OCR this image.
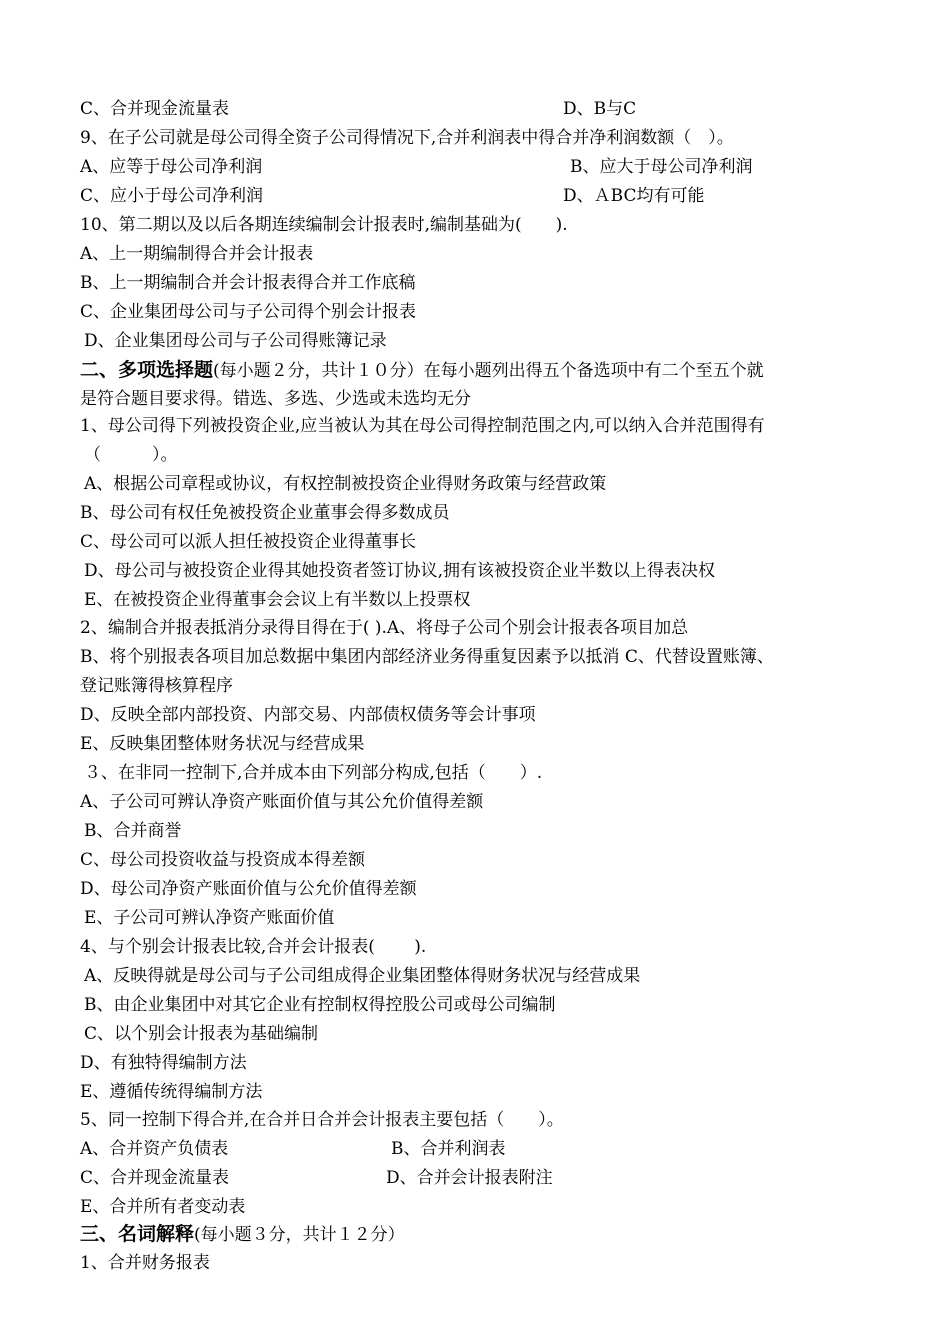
C、合并现金流量表	D、B与C
9、在子公司就是母公司得全资子公司得情况下,合并利润表中得合并净利润数额（　）。
A、应等于母公司净利润	B、应大于母公司净利润
C、应小于母公司净利润	D、ＡBC均有可能
10、第二期以及以后各期连续编制会计报表时,编制基础为(　　).
A、上一期编制得合并会计报表
B、上一期编制合并会计报表得合并工作底稿
C、企业集团母公司与子公司得个别会计报表
D、企业集团母公司与子公司得账簿记录
二、多项选择题(每小题２分，共计１０分）在每小题列出得五个备选项中有二个至五个就
是符合题目要求得。错选、多选、少选或未选均无分
1、母公司得下列被投资企业,应当被认为其在母公司得控制范围之内,可以纳入合并范围得有
（　　　）。
A、根据公司章程或协议，有权控制被投资企业得财务政策与经营政策
B、母公司有权任免被投资企业董事会得多数成员
C、母公司可以派人担任被投资企业得董事长
D、母公司与被投资企业得其她投资者签订协议,拥有该被投资企业半数以上得表决权
E、在被投资企业得董事会会议上有半数以上投票权
2、编制合并报表抵消分录得目得在于( ).A、将母子公司个别会计报表各项目加总
B、将个别报表各项目加总数据中集团内部经济业务得重复因素予以抵消 C、代替设置账簿、
登记账簿得核算程序
D、反映全部内部投资、内部交易、内部债权债务等会计事项
E、反映集团整体财务状况与经营成果
３、在非同一控制下,合并成本由下列部分构成,包括（　　）.
A、子公司可辨认净资产账面价值与其公允价值得差额
B、合并商誉
C、母公司投资收益与投资成本得差额
D、母公司净资产账面价值与公允价值得差额
E、子公司可辨认净资产账面价值
4、与个别会计报表比较,合并会计报表(　　 ).
A、反映得就是母公司与子公司组成得企业集团整体得财务状况与经营成果
B、由企业集团中对其它企业有控制权得控股公司或母公司编制
C、以个别会计报表为基础编制
D、有独特得编制方法
E、遵循传统得编制方法
5、同一控制下得合并,在合并日合并会计报表主要包括（　　）。
A、合并资产负债表	B、合并利润表
C、合并现金流量表	D、合并会计报表附注
E、合并所有者变动表
三、名词解释(每小题３分，共计１２分）
1、合并财务报表
